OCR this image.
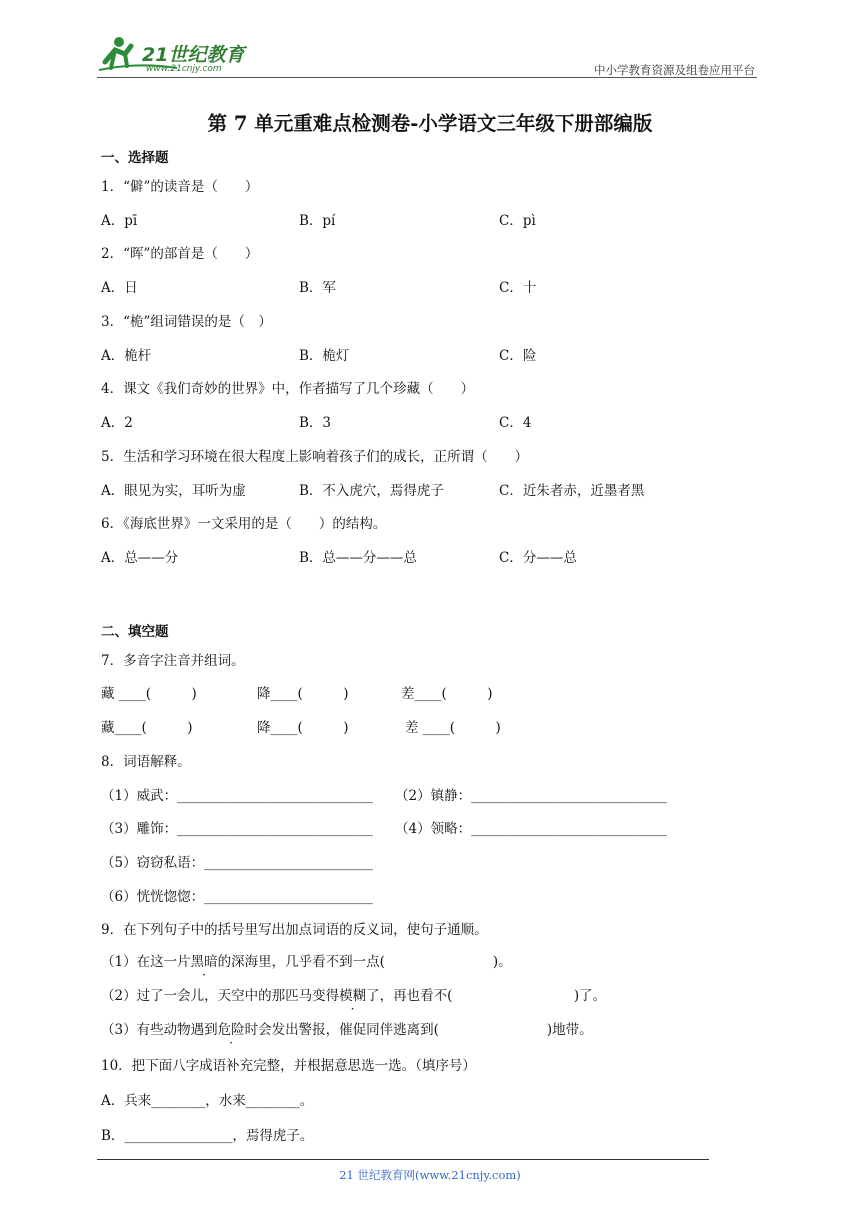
21世纪教育
www.21cnjy.com	中小学教育资源及组卷应用平台
第 7 单元重难点检测卷-小学语文三年级下册部编版
一、选择题
1．“僻”的读音是（　　）
A．pī	B．pí	C．pì
2．“晖”的部首是（　　）
A．日	B．军	C．十
3．“桅”组词错误的是（　）
A．桅杆	B．桅灯	C．险
4．课文《我们奇妙的世界》中，作者描写了几个珍藏（　　）
A．2	B．3	C．4
5．生活和学习环境在很大程度上影响着孩子们的成长，正所谓（　　）
A．眼见为实，耳听为虚	B．不入虎穴，焉得虎子	C．近朱者赤，近墨者黑
6．《海底世界》一文采用的是（　　）的结构。
A．总——分	B．总——分——总	C．分——总
二、填空题
7．多音字注音并组词。
藏 ____(　　　)	降____(　　　)	差____(　　　)
藏____(　　　)	降____(　　　)	差 ____(　　　)
8．词语解释。
（1）威武：_____________________________ （2）镇静：_____________________________
（3）雕饰：_____________________________ （4）领略：_____________________________
（5）窃窃私语：_________________________
（6）恍恍惚惚：_________________________
9．在下列句子中的括号里写出加点词语的反义词，使句子通顺。
（1）在这一片黑暗的深海里，几乎看不到一点(　　　　　　　　)。
（2）过了一会儿，天空中的那匹马变得模糊了，再也看不(　　　　　　　　　)了。
（3）有些动物遇到危险时会发出警报，催促同伴逃离到(　　　　　　　　)地带。
10．把下面八字成语补充完整，并根据意思选一选。（填序号）
A．兵来________，水来________。
B．________________，焉得虎子。
21 世纪教育网(www.21cnjy.com)
